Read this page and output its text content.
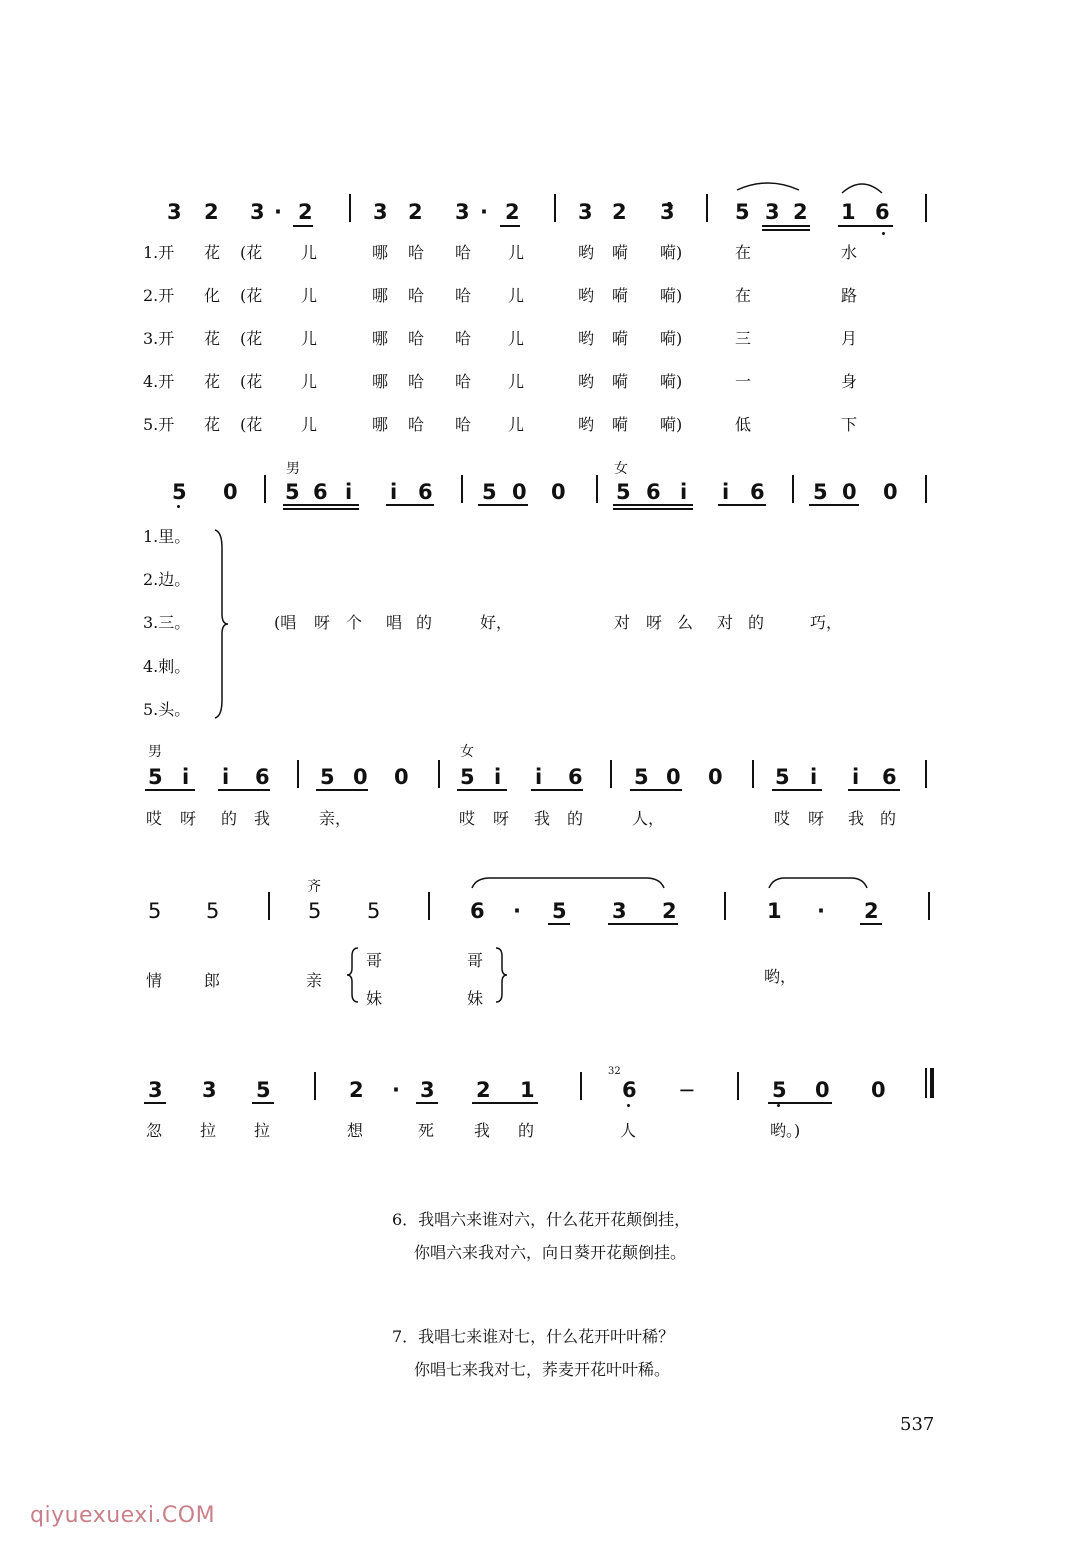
3 2 3 · 2	3 2 3 · 2	3 2 3̂	5 3 2 1 6
1.开 花 (花 儿	哪 哈 哈 儿	哟 嗬 嗬)	在	水
2.开 化 (花 儿	哪 哈 哈 儿	哟 嗬 嗬)	在	路
3.开 花 (花 儿	哪 哈 哈 儿	哟 嗬 嗬)	三	月
4.开 花 (花 儿	哪 哈 哈 儿	哟 嗬 嗬)	一	身
5.开 花 (花 儿	哪 哈 哈 儿	哟 嗬 嗬)	低	下
男	女
5 0 5 6 i i 6 5 0 0 5 6 i i 6 5 0 0
1.里。
2.边。
3.三。
4.刺。
5.头。
(唱 呀 个 唱 的	好，	对 呀 么 对 的	巧，
男	女
5 i i 6 5 0 0 5 i i 6 5 0 0 5 i i 6
哎 呀 的 我	亲，	哎 呀 我 的	人，	哎 呀 我 的
齐
5 5	5 5	6 · 5 3 2	1 · 2
情	郎	亲
哥	哥
妹	妹
哟，
3 3 5	2 · 3 2 1
32
6 −	5 0 0
忽 拉 拉	想	死 我 的	人	哟。)
6．我唱六来谁对六，什么花开花颠倒挂，
你唱六来我对六，向日葵开花颠倒挂。
7．我唱七来谁对七，什么花开叶叶稀？
你唱七来我对七，荞麦开花叶叶稀。
537
qiyuexuexi.COM
